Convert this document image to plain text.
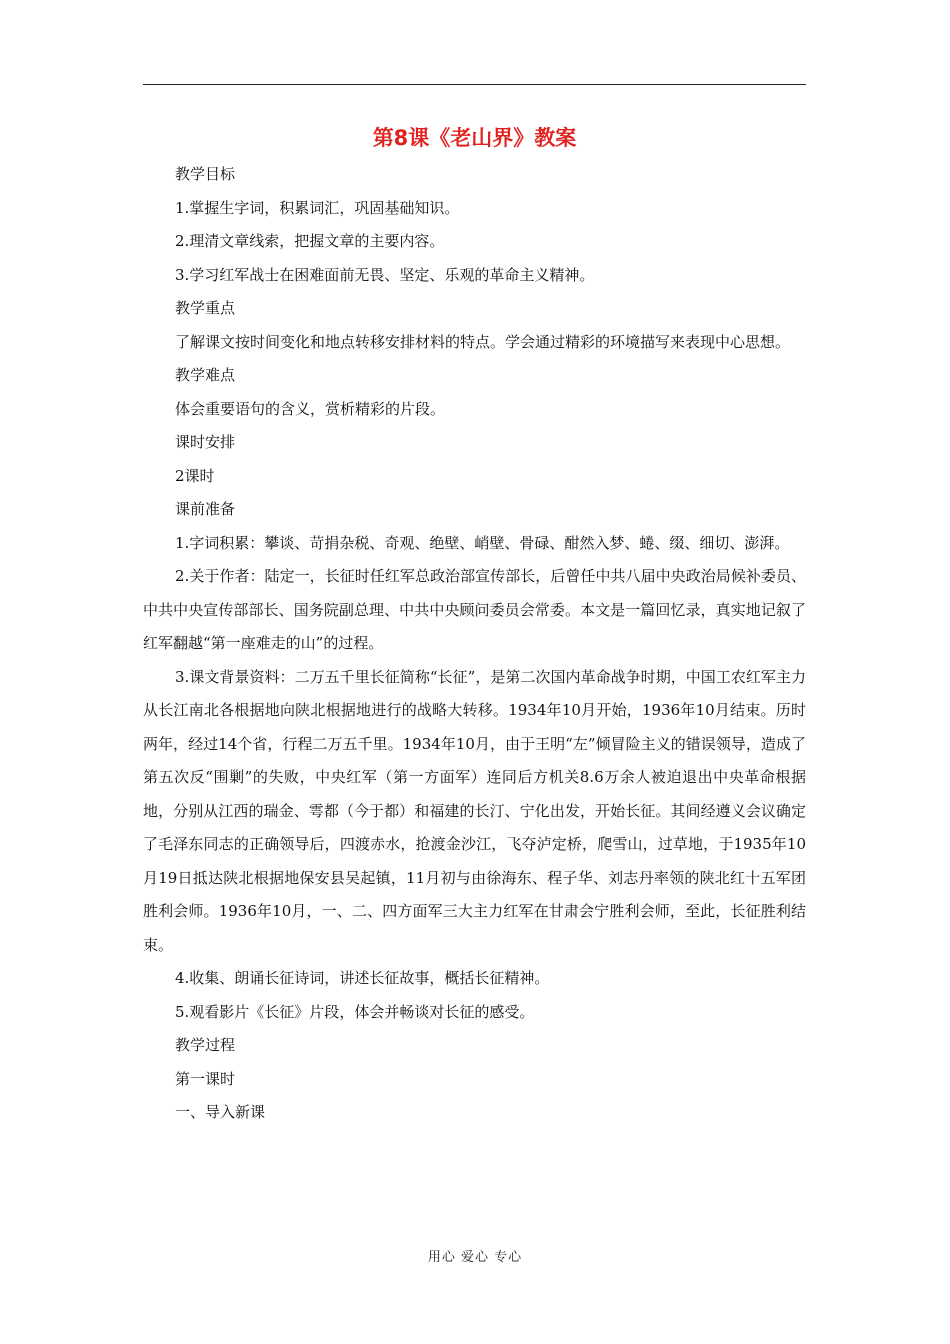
第8课《老山界》教案

教学目标

1.掌握生字词，积累词汇，巩固基础知识。

2.理清文章线索，把握文章的主要内容。

3.学习红军战士在困难面前无畏、坚定、乐观的革命主义精神。

教学重点

了解课文按时间变化和地点转移安排材料的特点。学会通过精彩的环境描写来表现中心思想。

教学难点

体会重要语句的含义，赏析精彩的片段。

课时安排

2课时

课前准备

1.字词积累：攀谈、苛捐杂税、奇观、绝壁、峭壁、骨碌、酣然入梦、蜷、缀、细切、澎湃。

2.关于作者：陆定一，长征时任红军总政治部宣传部长，后曾任中共八届中央政治局候补委员、中共中央宣传部部长、国务院副总理、中共中央顾问委员会常委。本文是一篇回忆录，真实地记叙了红军翻越“第一座难走的山”的过程。

3.课文背景资料：二万五千里长征简称“长征”，是第二次国内革命战争时期，中国工农红军主力从长江南北各根据地向陕北根据地进行的战略大转移。1934年10月开始，1936年10月结束。历时两年，经过14个省，行程二万五千里。1934年10月，由于王明“左”倾冒险主义的错误领导，造成了第五次反“围剿”的失败，中央红军（第一方面军）连同后方机关8.6万余人被迫退出中央革命根据地，分别从江西的瑞金、雩都（今于都）和福建的长汀、宁化出发，开始长征。其间经遵义会议确定了毛泽东同志的正确领导后，四渡赤水，抢渡金沙江，飞夺泸定桥，爬雪山，过草地，于1935年10月19日抵达陕北根据地保安县吴起镇，11月初与由徐海东、程子华、刘志丹率领的陕北红十五军团胜利会师。1936年10月，一、二、四方面军三大主力红军在甘肃会宁胜利会师，至此，长征胜利结束。

4.收集、朗诵长征诗词，讲述长征故事，概括长征精神。

5.观看影片《长征》片段，体会并畅谈对长征的感受。

教学过程

第一课时

一、导入新课

用心 爱心 专心
